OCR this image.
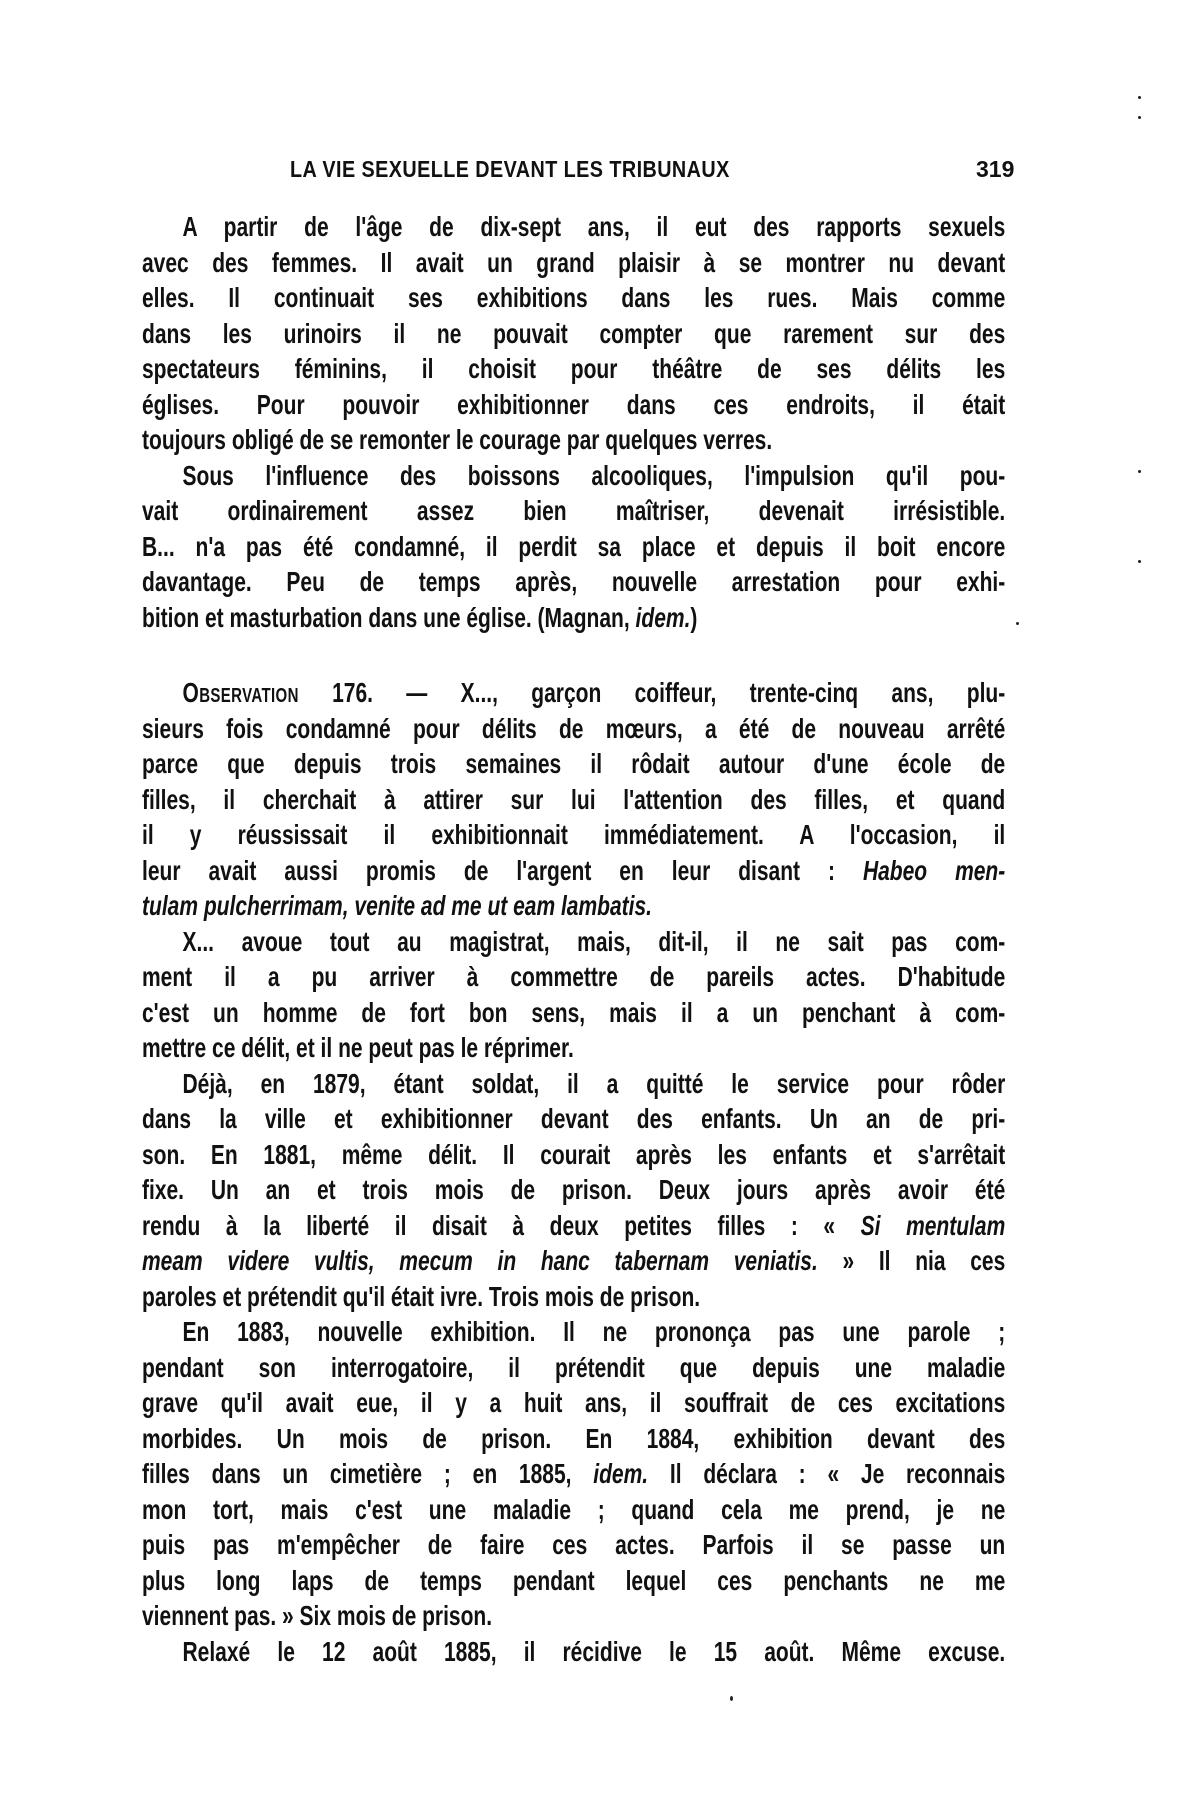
LA VIE SEXUELLE DEVANT LES TRIBUNAUX	319
A partir de l'âge de dix-sept ans, il eut des rapports sexuels
avec des femmes. Il avait un grand plaisir à se montrer nu devant
elles. Il continuait ses exhibitions dans les rues. Mais comme
dans les urinoirs il ne pouvait compter que rarement sur des
spectateurs féminins, il choisit pour théâtre de ses délits les
églises. Pour pouvoir exhibitionner dans ces endroits, il était
toujours obligé de se remonter le courage par quelques verres.
Sous l'influence des boissons alcooliques, l'impulsion qu'il pou-
vait ordinairement assez bien maîtriser, devenait irrésistible.
B... n'a pas été condamné, il perdit sa place et depuis il boit encore
davantage. Peu de temps après, nouvelle arrestation pour exhi-
bition et masturbation dans une église. (Magnan, idem.)
Observation 176. — X..., garçon coiffeur, trente-cinq ans, plu-
sieurs fois condamné pour délits de mœurs, a été de nouveau arrêté
parce que depuis trois semaines il rôdait autour d'une école de
filles, il cherchait à attirer sur lui l'attention des filles, et quand
il y réussissait il exhibitionnait immédiatement. A l'occasion, il
leur avait aussi promis de l'argent en leur disant : Habeo men-
tulam pulcherrimam, venite ad me ut eam lambatis.
X... avoue tout au magistrat, mais, dit-il, il ne sait pas com-
ment il a pu arriver à commettre de pareils actes. D'habitude
c'est un homme de fort bon sens, mais il a un penchant à com-
mettre ce délit, et il ne peut pas le réprimer.
Déjà, en 1879, étant soldat, il a quitté le service pour rôder
dans la ville et exhibitionner devant des enfants. Un an de pri-
son. En 1881, même délit. Il courait après les enfants et s'arrêtait
fixe. Un an et trois mois de prison. Deux jours après avoir été
rendu à la liberté il disait à deux petites filles : « Si mentulam
meam videre vultis, mecum in hanc tabernam veniatis. » Il nia ces
paroles et prétendit qu'il était ivre. Trois mois de prison.
En 1883, nouvelle exhibition. Il ne prononça pas une parole ;
pendant son interrogatoire, il prétendit que depuis une maladie
grave qu'il avait eue, il y a huit ans, il souffrait de ces excitations
morbides. Un mois de prison. En 1884, exhibition devant des
filles dans un cimetière ; en 1885, idem. Il déclara : « Je reconnais
mon tort, mais c'est une maladie ; quand cela me prend, je ne
puis pas m'empêcher de faire ces actes. Parfois il se passe un
plus long laps de temps pendant lequel ces penchants ne me
viennent pas. » Six mois de prison.
Relaxé le 12 août 1885, il récidive le 15 août. Même excuse.
